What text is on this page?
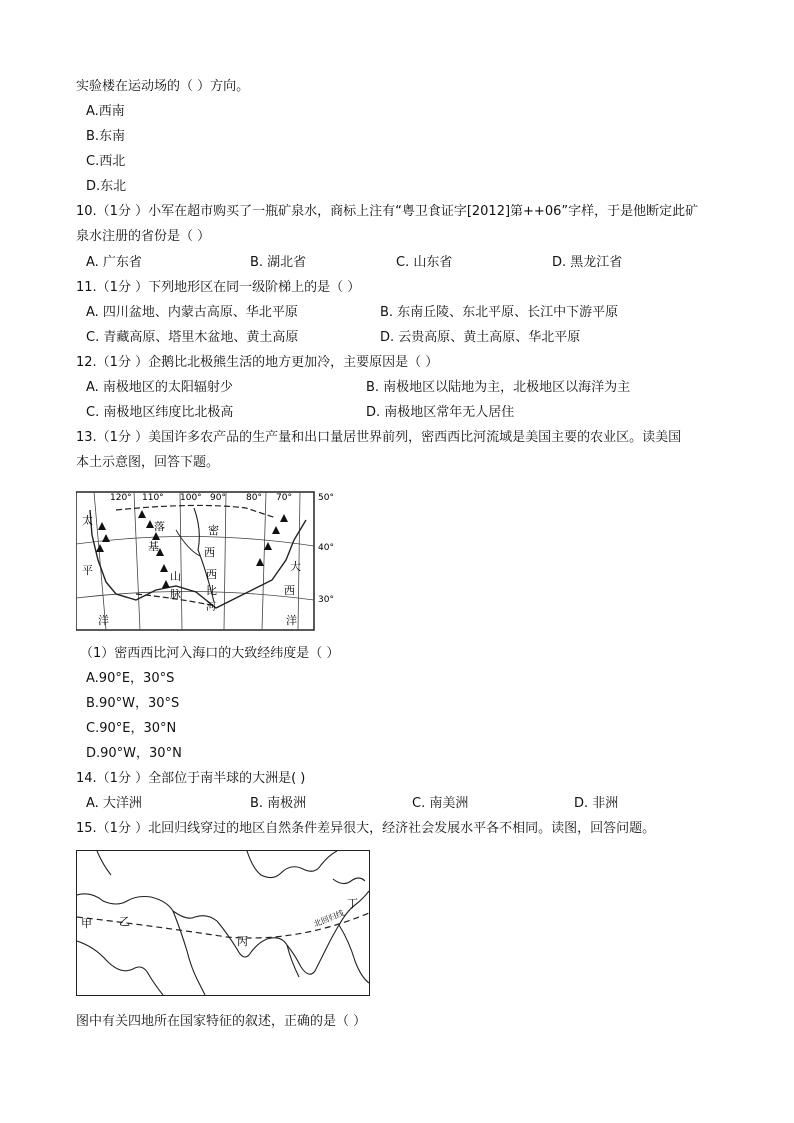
实验楼在运动场的（ ）方向。
A.西南
B.东南
C.西北
D.东北
10.（1分 ）小军在超市购买了一瓶矿泉水，商标上注有“粤卫食证字[2012]第++06”字样，于是他断定此矿
泉水注册的省份是（ ）
A. 广东省	B. 湖北省	C. 山东省	D. 黑龙江省
11.（1分 ）下列地形区在同一级阶梯上的是（ ）
A. 四川盆地、内蒙古高原、华北平原	B. 东南丘陵、东北平原、长江中下游平原
C. 青藏高原、塔里木盆地、黄土高原	D. 云贵高原、黄土高原、华北平原
12.（1分 ）企鹅比北极熊生活的地方更加冷，主要原因是（ ）
A. 南极地区的太阳辐射少	B. 南极地区以陆地为主，北极地区以海洋为主
C. 南极地区纬度比北极高	D. 南极地区常年无人居住
13.（1分 ）美国许多农产品的生产量和出口量居世界前列，密西西比河流域是美国主要的农业区。读美国
本土示意图，回答下题。
120° 110° 100° 90° 80° 70°	50°
40°
30°
太
平
洋
落
基
山
脉
密
西
西
比
河
大
西
洋
（1）密西西比河入海口的大致经纬度是（ ）
A.90°E，30°S
B.90°W，30°S
C.90°E，30°N
D.90°W，30°N
14.（1分 ）全部位于南半球的大洲是( )
A. 大洋洲	B. 南极洲	C. 南美洲	D. 非洲
15.（1分 ）北回归线穿过的地区自然条件差异很大，经济社会发展水平各不相同。读图，回答问题。
甲 乙
丙
丁
北回归线
图中有关四地所在国家特征的叙述，正确的是（ ）
